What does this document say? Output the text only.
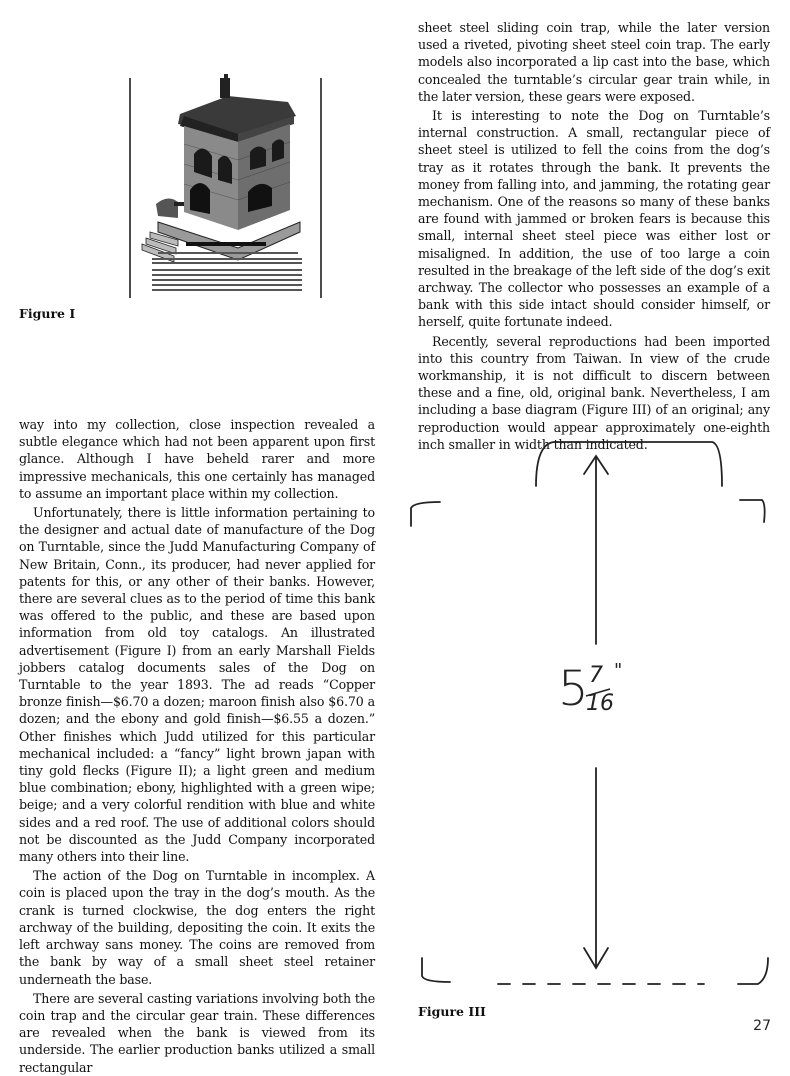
Figure I

sheet steel sliding coin trap, while the later version used a riveted, pivoting sheet steel coin trap. The early models also incorporated a lip cast into the base, which concealed the turntable’s circular gear train while, in the later version, these gears were exposed.

It is interesting to note the Dog on Turntable’s internal construction. A small, rectangular piece of sheet steel is utilized to fell the coins from the dog’s tray as it rotates through the bank. It prevents the money from falling into, and jamming, the rotating gear mechanism. One of the reasons so many of these banks are found with jammed or broken fears is because this small, internal sheet steel piece was either lost or misaligned. In addition, the use of too large a coin resulted in the breakage of the left side of the dog’s exit archway. The collector who possesses an example of a bank with this side intact should consider himself, or herself, quite fortunate indeed.

Recently, several reproductions had been imported into this country from Taiwan. In view of the crude workmanship, it is not difficult to discern between these and a fine, old, original bank. Nevertheless, I am including a base diagram (Figure III) of an original; any reproduction would appear approximately one-eighth inch smaller in width than indicated.

way into my collection, close inspection revealed a subtle elegance which had not been apparent upon first glance. Although I have beheld rarer and more impressive mechanicals, this one certainly has managed to assume an important place within my collection.

Unfortunately, there is little information pertaining to the designer and actual date of manufacture of the Dog on Turntable, since the Judd Manufacturing Company of New Britain, Conn., its producer, had never applied for patents for this, or any other of their banks. However, there are several clues as to the period of time this bank was offered to the public, and these are based upon information from old toy catalogs. An illustrated advertisement (Figure I) from an early Marshall Fields jobbers catalog documents sales of the Dog on Turntable to the year 1893. The ad reads “Copper bronze finish—$6.70 a dozen; maroon finish also $6.70 a dozen; and the ebony and gold finish—$6.55 a dozen.” Other finishes which Judd utilized for this particular mechanical included: a “fancy” light brown japan with tiny gold flecks (Figure II); a light green and medium blue combination; ebony, highlighted with a green wipe; beige; and a very colorful rendition with blue and white sides and a red roof. The use of additional colors should not be discounted as the Judd Company incorporated many others into their line.

The action of the Dog on Turntable in incomplex. A coin is placed upon the tray in the dog’s mouth. As the crank is turned clockwise, the dog enters the right archway of the building, depositing the coin. It exits the left archway sans money. The coins are removed from the bank by way of a small sheet steel retainer underneath the base.

There are several casting variations involving both the coin trap and the circular gear train. These differences are revealed when the bank is viewed from its underside. The earlier production banks utilized a small rectangular

5 7
16
"
Figure III
27
